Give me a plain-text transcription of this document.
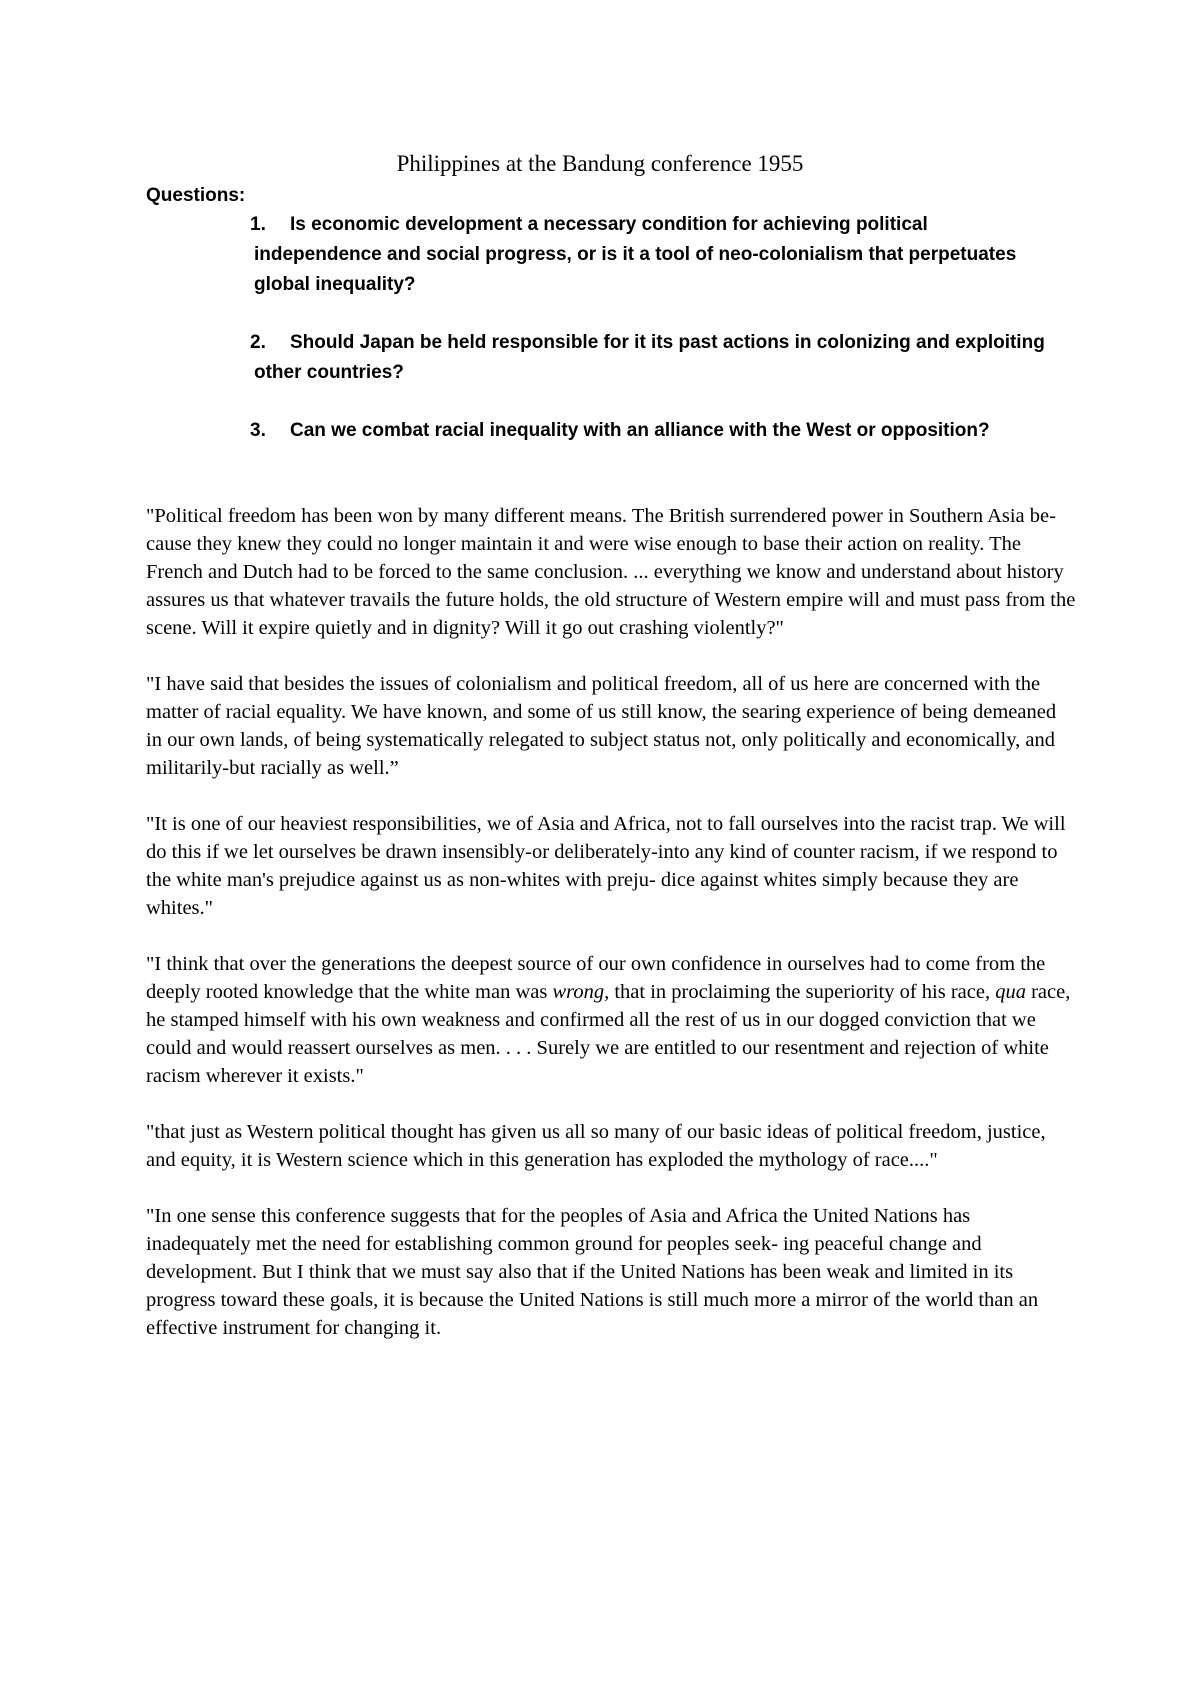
Philippines at the Bandung conference 1955
Questions:
1.	Is economic development a necessary condition for achieving political independence and social progress, or is it a tool of neo-colonialism that perpetuates global inequality?
2.	Should Japan be held responsible for it its past actions in colonizing and exploiting other countries?
3.	Can we combat racial inequality with an alliance with the West or opposition?

"Political freedom has been won by many different means. The British surrendered power in Southern Asia be- cause they knew they could no longer maintain it and were wise enough to base their action on reality. The French and Dutch had to be forced to the same conclusion. ... everything we know and understand about history assures us that whatever travails the future holds, the old structure of Western empire will and must pass from the scene. Will it expire quietly and in dignity? Will it go out crashing violently?"

"I have said that besides the issues of colonialism and political freedom, all of us here are concerned with the matter of racial equality. We have known, and some of us still know, the searing experience of being demeaned in our own lands, of being systematically relegated to subject status not, only politically and economically, and militarily-but racially as well.”

"It is one of our heaviest responsibilities, we of Asia and Africa, not to fall ourselves into the racist trap. We will do this if we let ourselves be drawn insensibly-or deliberately-into any kind of counter racism, if we respond to the white man's prejudice against us as non-whites with preju- dice against whites simply because they are whites."

"I think that over the generations the deepest source of our own confidence in ourselves had to come from the deeply rooted knowledge that the white man was wrong, that in proclaiming the superiority of his race, qua race, he stamped himself with his own weakness and confirmed all the rest of us in our dogged conviction that we could and would reassert ourselves as men. . . . Surely we are entitled to our resentment and rejection of white racism wherever it exists."

"that just as Western political thought has given us all so many of our basic ideas of political freedom, justice, and equity, it is Western science which in this generation has exploded the mythology of race...."

"In one sense this conference suggests that for the peoples of Asia and Africa the United Nations has inadequately met the need for establishing common ground for peoples seek- ing peaceful change and development. But I think that we must say also that if the United Nations has been weak and limited in its progress toward these goals, it is because the United Nations is still much more a mirror of the world than an effective instrument for changing it.
